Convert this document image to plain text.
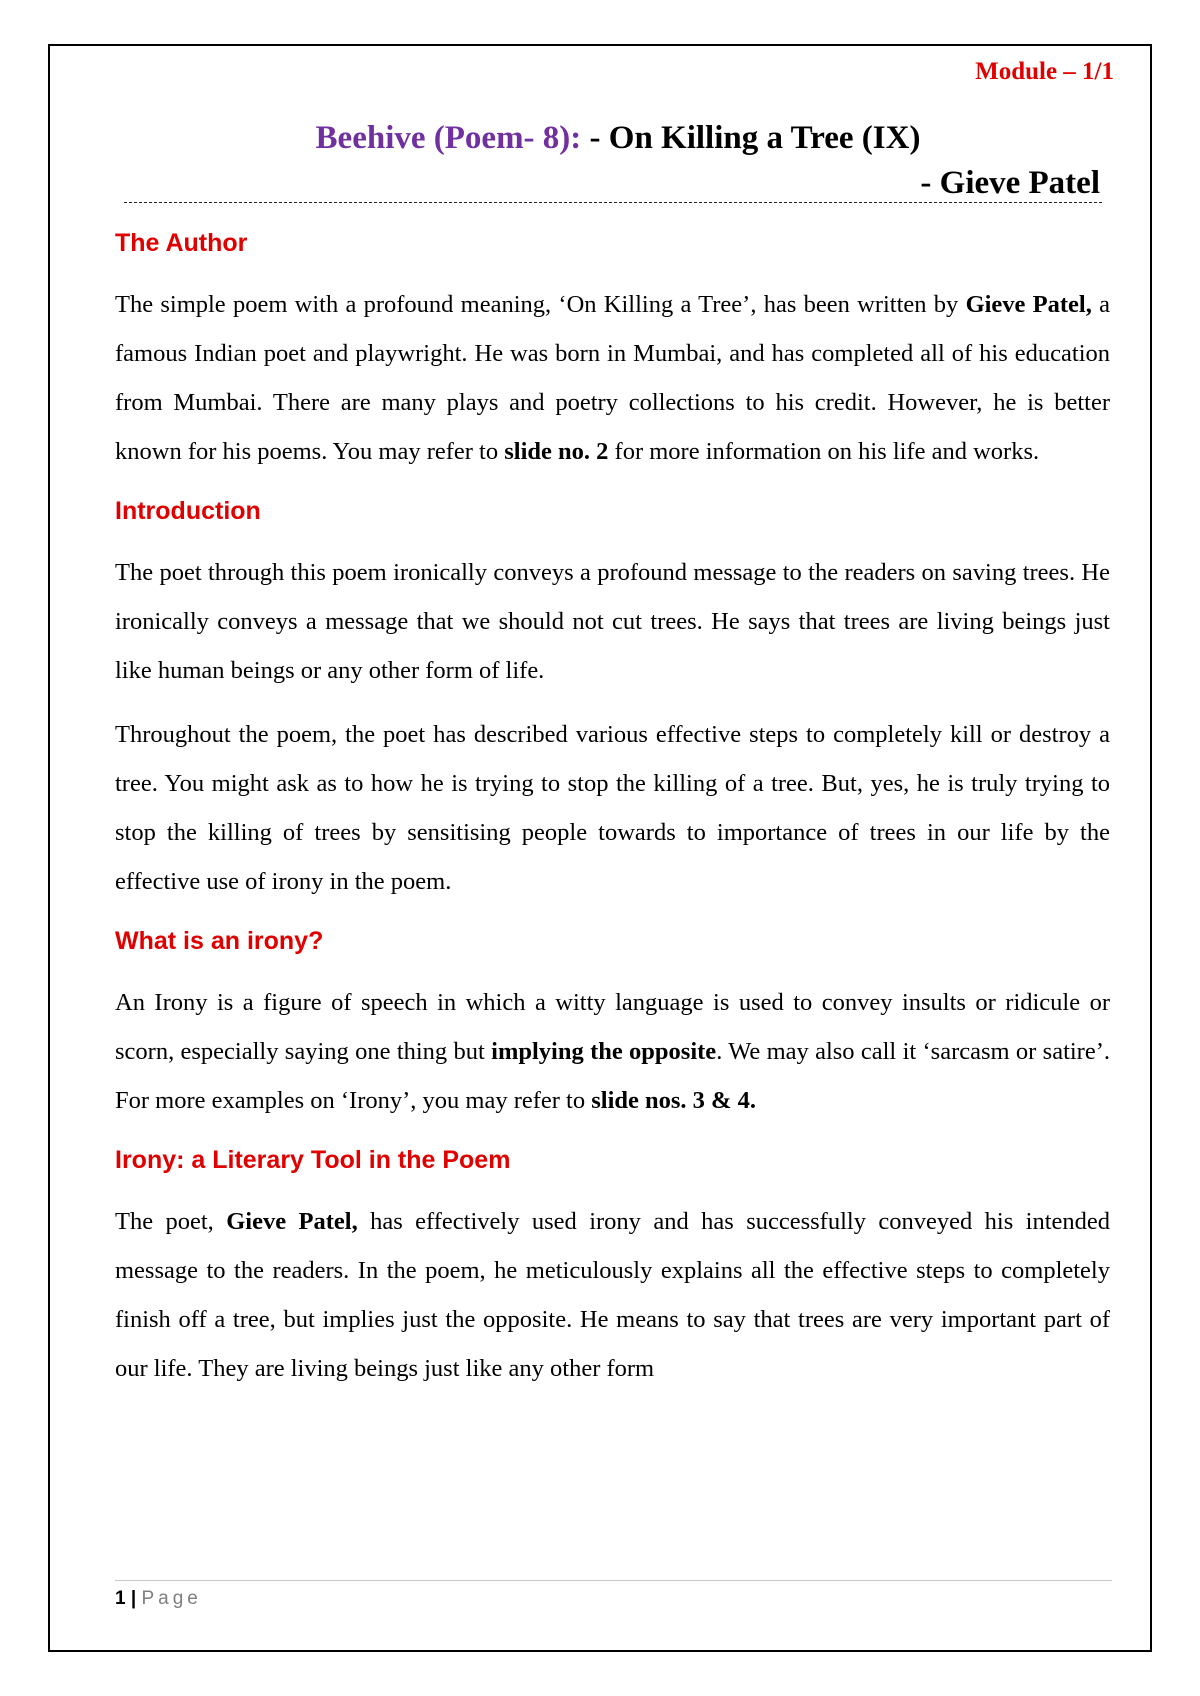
Module – 1/1
Beehive (Poem- 8): - On Killing a Tree (IX)
- Gieve Patel
The Author

The simple poem with a profound meaning, ‘On Killing a Tree’, has been written by Gieve Patel, a famous Indian poet and playwright. He was born in Mumbai, and has completed all of his education from Mumbai. There are many plays and poetry collections to his credit. However, he is better known for his poems. You may refer to slide no. 2 for more information on his life and works.

Introduction

The poet through this poem ironically conveys a profound message to the readers on saving trees. He ironically conveys a message that we should not cut trees. He says that trees are living beings just like human beings or any other form of life.

Throughout the poem, the poet has described various effective steps to completely kill or destroy a tree. You might ask as to how he is trying to stop the killing of a tree. But, yes, he is truly trying to stop the killing of trees by sensitising people towards to importance of trees in our life by the effective use of irony in the poem.

What is an irony?

An Irony is a figure of speech in which a witty language is used to convey insults or ridicule or scorn, especially saying one thing but implying the opposite. We may also call it ‘sarcasm or satire’. For more examples on ‘Irony’, you may refer to slide nos. 3 & 4.

Irony: a Literary Tool in the Poem

The poet, Gieve Patel, has effectively used irony and has successfully conveyed his intended message to the readers. In the poem, he meticulously explains all the effective steps to completely finish off a tree, but implies just the opposite. He means to say that trees are very important part of our life. They are living beings just like any other form

1 | Page
